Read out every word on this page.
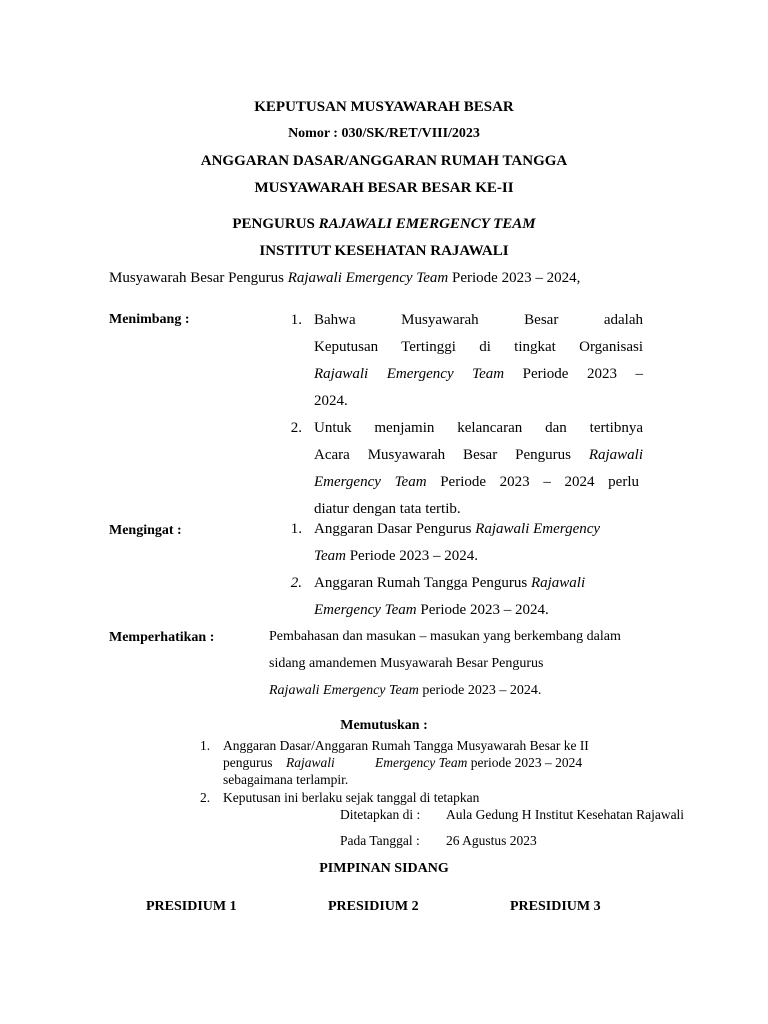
KEPUTUSAN MUSYAWARAH BESAR
Nomor : 030/SK/RET/VIII/2023
ANGGARAN DASAR/ANGGARAN RUMAH TANGGA
MUSYAWARAH BESAR BESAR KE-II
PENGURUS RAJAWALI EMERGENCY TEAM
INSTITUT KESEHATAN RAJAWALI
Musyawarah Besar Pengurus Rajawali Emergency Team Periode 2023 – 2024,
Menimbang :	1. Bahwa Musyawarah Besar adalah
Keputusan Tertinggi di tingkat Organisasi
Rajawali Emergency Team Periode 2023 –
2024.
2. Untuk menjamin kelancaran dan tertibnya
Acara Musyawarah Besar Pengurus Rajawali
Emergency Team Periode 2023 – 2024 perlu
diatur dengan tata tertib.
Mengingat :	1. Anggaran Dasar Pengurus Rajawali Emergency
Team Periode 2023 – 2024.
2. Anggaran Rumah Tangga Pengurus Rajawali
Emergency Team Periode 2023 – 2024.
Memperhatikan :	Pembahasan dan masukan – masukan yang berkembang dalam
sidang amandemen Musyawarah Besar Pengurus
Rajawali Emergency Team periode 2023 – 2024.
Memutuskan :
1. Anggaran Dasar/Anggaran Rumah Tangga Musyawarah Besar ke II
pengurus Rajawali	Emergency Team periode 2023 – 2024
sebagaimana terlampir.
2. Keputusan ini berlaku sejak tanggal di tetapkan
Ditetapkan di : Aula Gedung H Institut Kesehatan Rajawali
Pada Tanggal : 26 Agustus 2023
PIMPINAN SIDANG
PRESIDIUM 1	PRESIDIUM 2	PRESIDIUM 3
